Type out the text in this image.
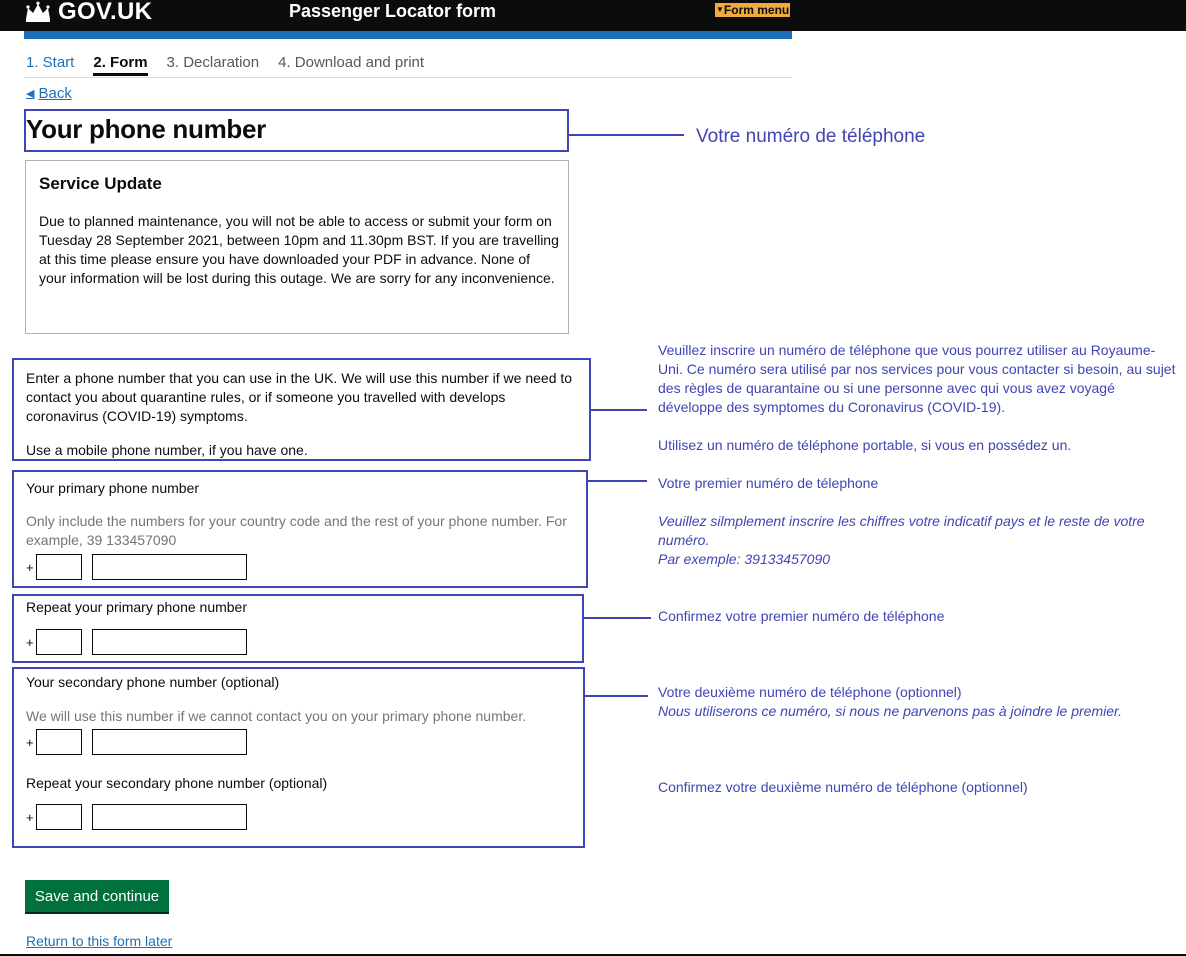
GOV.UK	Passenger Locator form	▼Form menu
1. Start 2. Form 3. Declaration 4. Download and print
◀ Back
Your phone number
Service Update
Due to planned maintenance, you will not be able to access or submit your form on Tuesday 28 September 2021, between 10pm and 11.30pm BST. If you are travelling at this time please ensure you have downloaded your PDF in advance. None of your information will be lost during this outage. We are sorry for any inconvenience.
Enter a phone number that you can use in the UK. We will use this number if we need to contact you about quarantine rules, or if someone you travelled with develops coronavirus (COVID-19) symptoms.
Use a mobile phone number, if you have one.
Your primary phone number
Only include the numbers for your country code and the rest of your phone number. For example, 39 133457090
+
Repeat your primary phone number
+
Your secondary phone number (optional)
We will use this number if we cannot contact you on your primary phone number.
+
Repeat your secondary phone number (optional)
+
Save and continue
Return to this form later
Votre numéro de téléphone
Veuillez inscrire un numéro de téléphone que vous pourrez utiliser au Royaume-Uni. Ce numéro sera utilisé par nos services pour vous contacter si besoin, au sujet des règles de quarantaine ou si une personne avec qui vous avez voyagé développe des symptomes du Coronavirus (COVID-19).
Utilisez un numéro de téléphone portable, si vous en possédez un.
Votre premier numéro de télephone
Veuillez silmplement inscrire les chiffres votre indicatif pays et le reste de votre numéro.
Par exemple: 39133457090
Confirmez votre premier numéro de téléphone
Votre deuxième numéro de téléphone (optionnel)
Nous utiliserons ce numéro, si nous ne parvenons pas à joindre le premier.
Confirmez votre deuxième numéro de téléphone (optionnel)
